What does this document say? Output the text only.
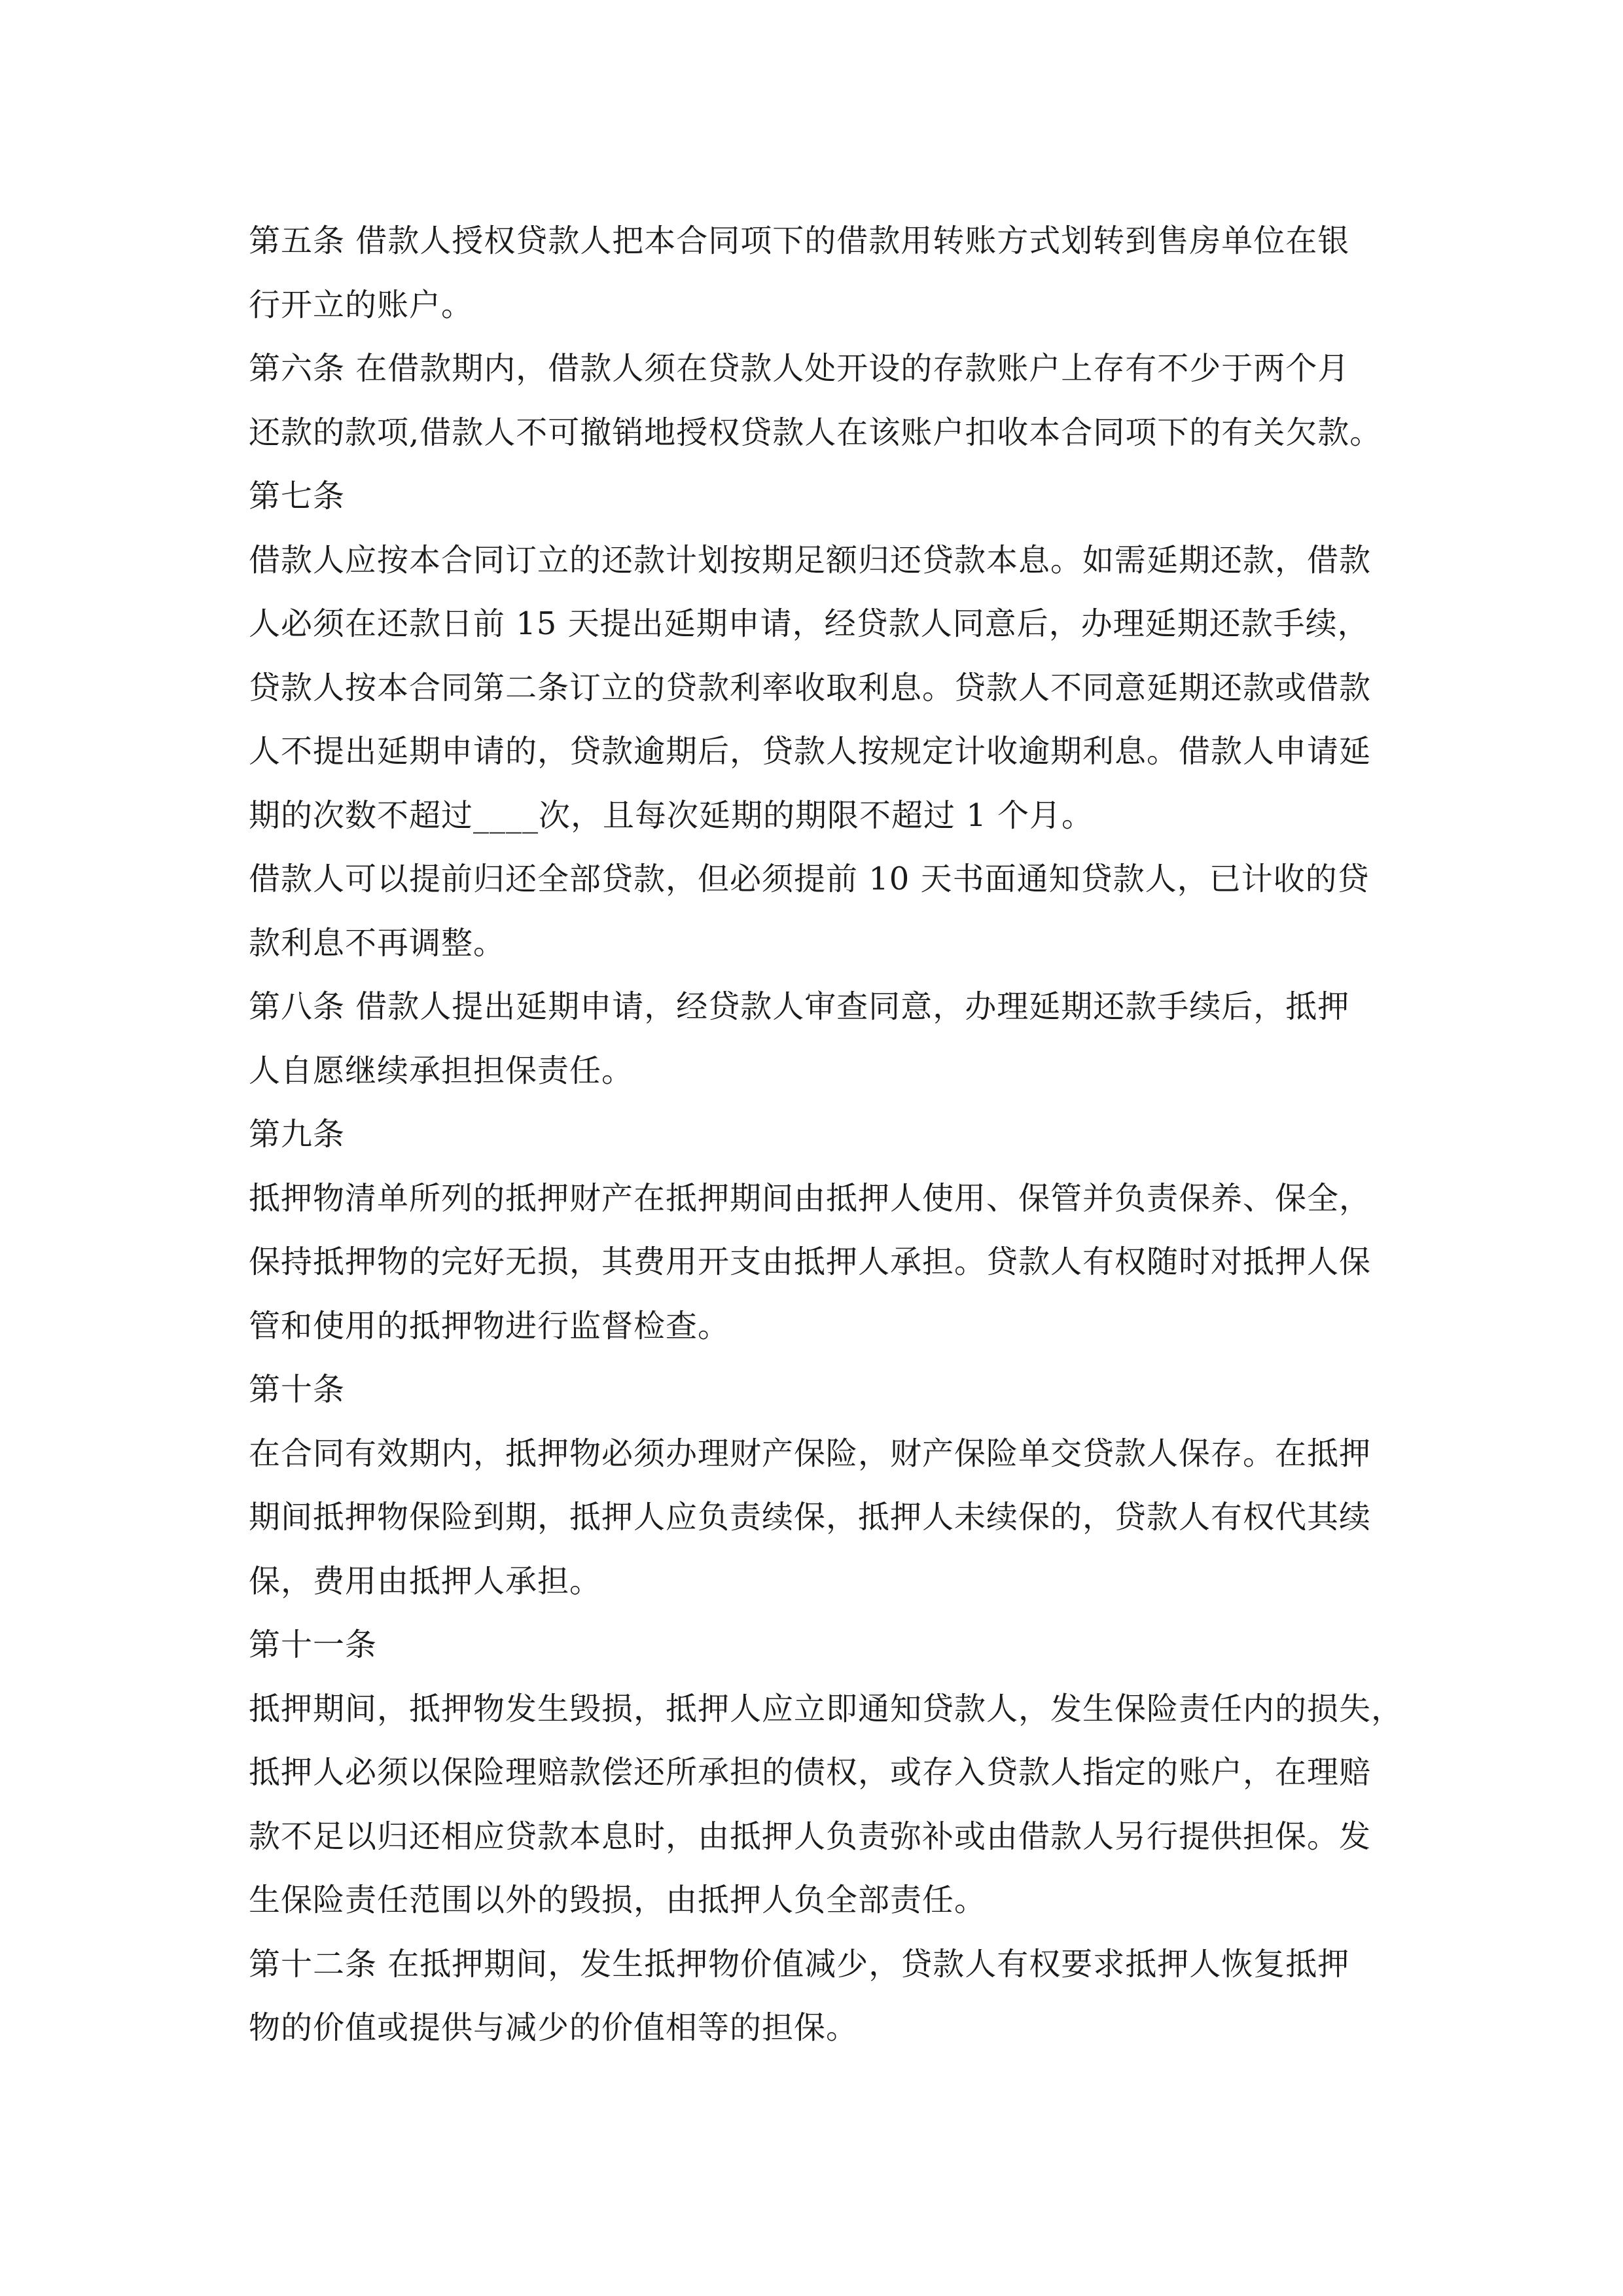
第五条 借款人授权贷款人把本合同项下的借款用转账方式划转到售房单位在银
行开立的账户。
第六条 在借款期内，借款人须在贷款人处开设的存款账户上存有不少于两个月
还款的款项,借款人不可撤销地授权贷款人在该账户扣收本合同项下的有关欠款。
第七条
借款人应按本合同订立的还款计划按期足额归还贷款本息。如需延期还款，借款
人必须在还款日前 15 天提出延期申请，经贷款人同意后，办理延期还款手续，
贷款人按本合同第二条订立的贷款利率收取利息。贷款人不同意延期还款或借款
人不提出延期申请的，贷款逾期后，贷款人按规定计收逾期利息。借款人申请延
期的次数不超过____次，且每次延期的期限不超过 1 个月。
借款人可以提前归还全部贷款，但必须提前 10 天书面通知贷款人，已计收的贷
款利息不再调整。
第八条 借款人提出延期申请，经贷款人审查同意，办理延期还款手续后，抵押
人自愿继续承担担保责任。
第九条
抵押物清单所列的抵押财产在抵押期间由抵押人使用、保管并负责保养、保全，
保持抵押物的完好无损，其费用开支由抵押人承担。贷款人有权随时对抵押人保
管和使用的抵押物进行监督检查。
第十条
在合同有效期内，抵押物必须办理财产保险，财产保险单交贷款人保存。在抵押
期间抵押物保险到期，抵押人应负责续保，抵押人未续保的，贷款人有权代其续
保，费用由抵押人承担。
第十一条
抵押期间，抵押物发生毁损，抵押人应立即通知贷款人，发生保险责任内的损失，
抵押人必须以保险理赔款偿还所承担的债权，或存入贷款人指定的账户，在理赔
款不足以归还相应贷款本息时，由抵押人负责弥补或由借款人另行提供担保。发
生保险责任范围以外的毁损，由抵押人负全部责任。
第十二条 在抵押期间，发生抵押物价值减少，贷款人有权要求抵押人恢复抵押
物的价值或提供与减少的价值相等的担保。
